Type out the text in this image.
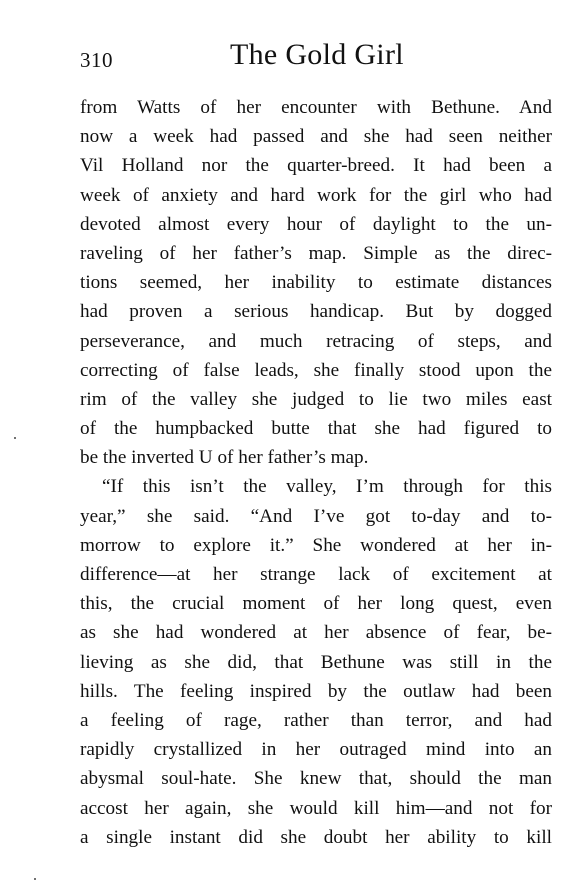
310	The Gold Girl
from Watts of her encounter with Bethune. And
now a week had passed and she had seen neither
Vil Holland nor the quarter-breed. It had been a
week of anxiety and hard work for the girl who had
devoted almost every hour of daylight to the un-
raveling of her father’s map. Simple as the direc-
tions seemed, her inability to estimate distances
had proven a serious handicap. But by dogged
perseverance, and much retracing of steps, and
correcting of false leads, she finally stood upon the
rim of the valley she judged to lie two miles east
of the humpbacked butte that she had figured to
be the inverted U of her father’s map.
“If this isn’t the valley, I’m through for this
year,” she said. “And I’ve got to-day and to-
morrow to explore it.” She wondered at her in-
difference—at her strange lack of excitement at
this, the crucial moment of her long quest, even
as she had wondered at her absence of fear, be-
lieving as she did, that Bethune was still in the
hills. The feeling inspired by the outlaw had been
a feeling of rage, rather than terror, and had
rapidly crystallized in her outraged mind into an
abysmal soul-hate. She knew that, should the man
accost her again, she would kill him—and not for
a single instant did she doubt her ability to kill
